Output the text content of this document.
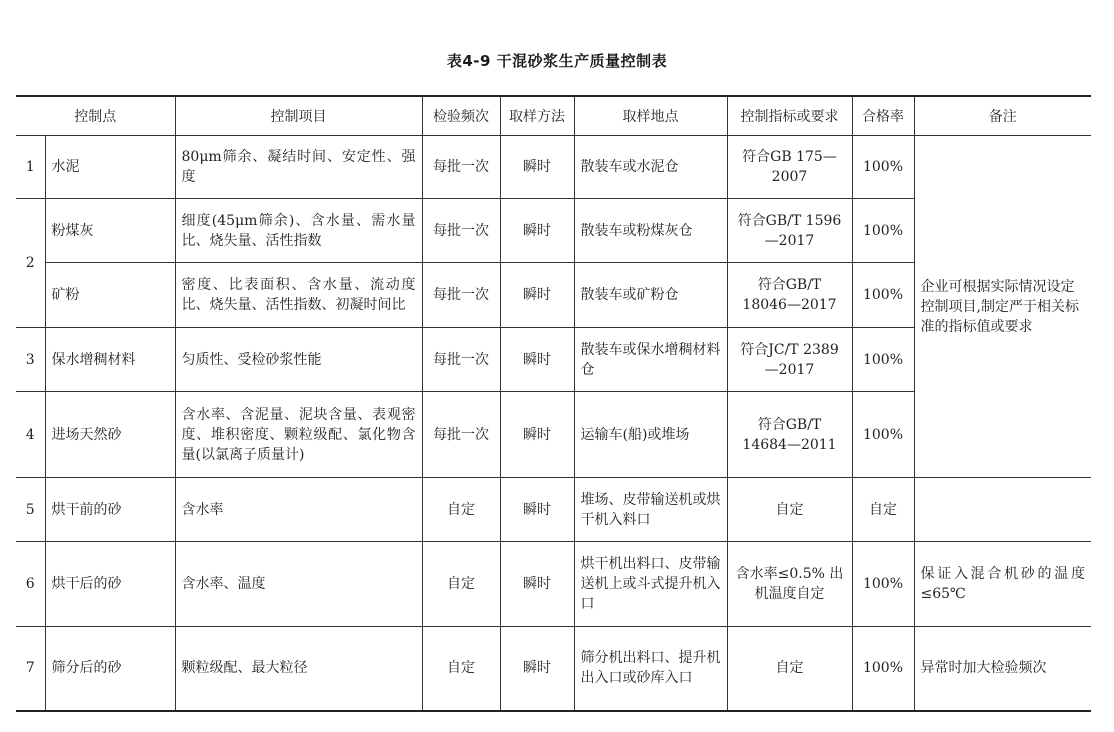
表4-9 干混砂浆生产质量控制表
控制点		控制项目	检验频次	取样方法	取样地点	控制指标或要求	合格率	备注
1	水泥	80μm筛余、凝结时间、安定性、强度	每批一次	瞬时	散装车或水泥仓	符合GB 175—2007	100%	企业可根据实际情况设定控制项目,制定严于相关标准的指标值或要求
2	粉煤灰	细度(45μm筛余)、含水量、需水量比、烧失量、活性指数	每批一次	瞬时	散装车或粉煤灰仓	符合GB/T 1596—2017	100%	
	矿粉	密度、比表面积、含水量、流动度比、烧失量、活性指数、初凝时间比	每批一次	瞬时	散装车或矿粉仓	符合GB/T 18046—2017	100%	
3	保水增稠材料	匀质性、受检砂浆性能	每批一次	瞬时	散装车或保水增稠材料仓	符合JC/T 2389—2017	100%	
4	进场天然砂	含水率、含泥量、泥块含量、表观密度、堆积密度、颗粒级配、氯化物含量(以氯离子质量计)	每批一次	瞬时	运输车(船)或堆场	符合GB/T 14684—2011	100%	
5	烘干前的砂	含水率	自定	瞬时	堆场、皮带输送机或烘干机入料口	自定	自定	
6	烘干后的砂	含水率、温度	自定	瞬时	烘干机出料口、皮带输送机上或斗式提升机入口	含水率≤0.5% 出机温度自定	100%	保证入混合机砂的温度≤65℃
7	筛分后的砂	颗粒级配、最大粒径	自定	瞬时	筛分机出料口、提升机出入口或砂库入口	自定	100%	异常时加大检验频次
